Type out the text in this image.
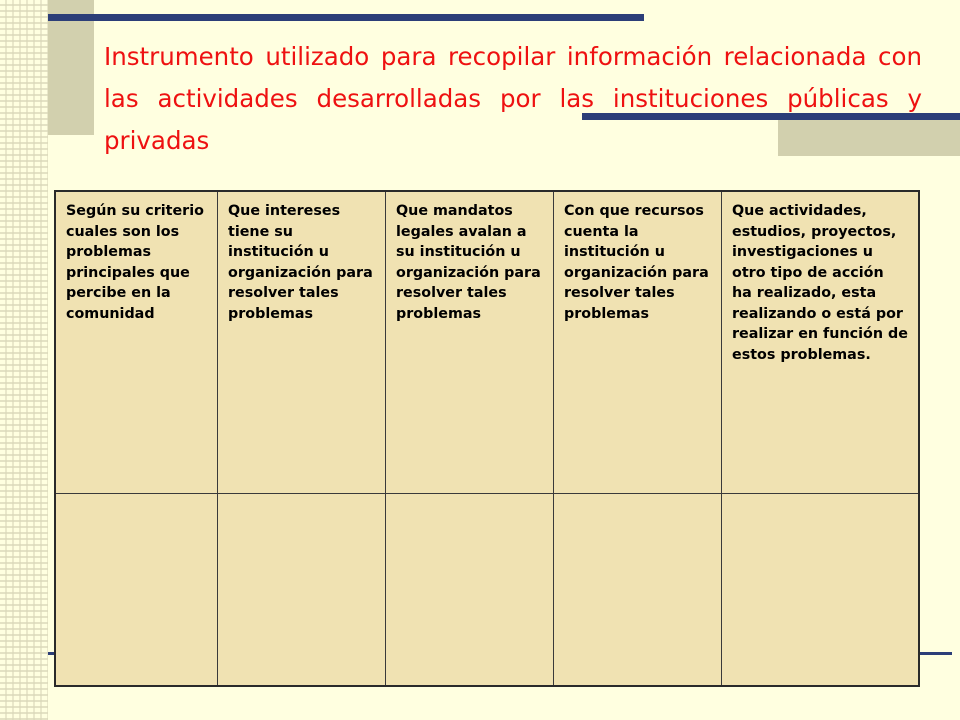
Instrumento utilizado para recopilar información relacionada con las actividades desarrolladas por las instituciones públicas y privadas

Según su criterio cuales son los problemas principales que percibe en la comunidad
Que intereses tiene su institución u organización para resolver tales problemas
Que mandatos legales avalan a su institución u organización para resolver tales problemas
Con que recursos cuenta la institución u organización para resolver tales problemas
Que actividades, estudios, proyectos, investigaciones u otro tipo de acción ha realizado, esta realizando o está por realizar en función de estos problemas.
